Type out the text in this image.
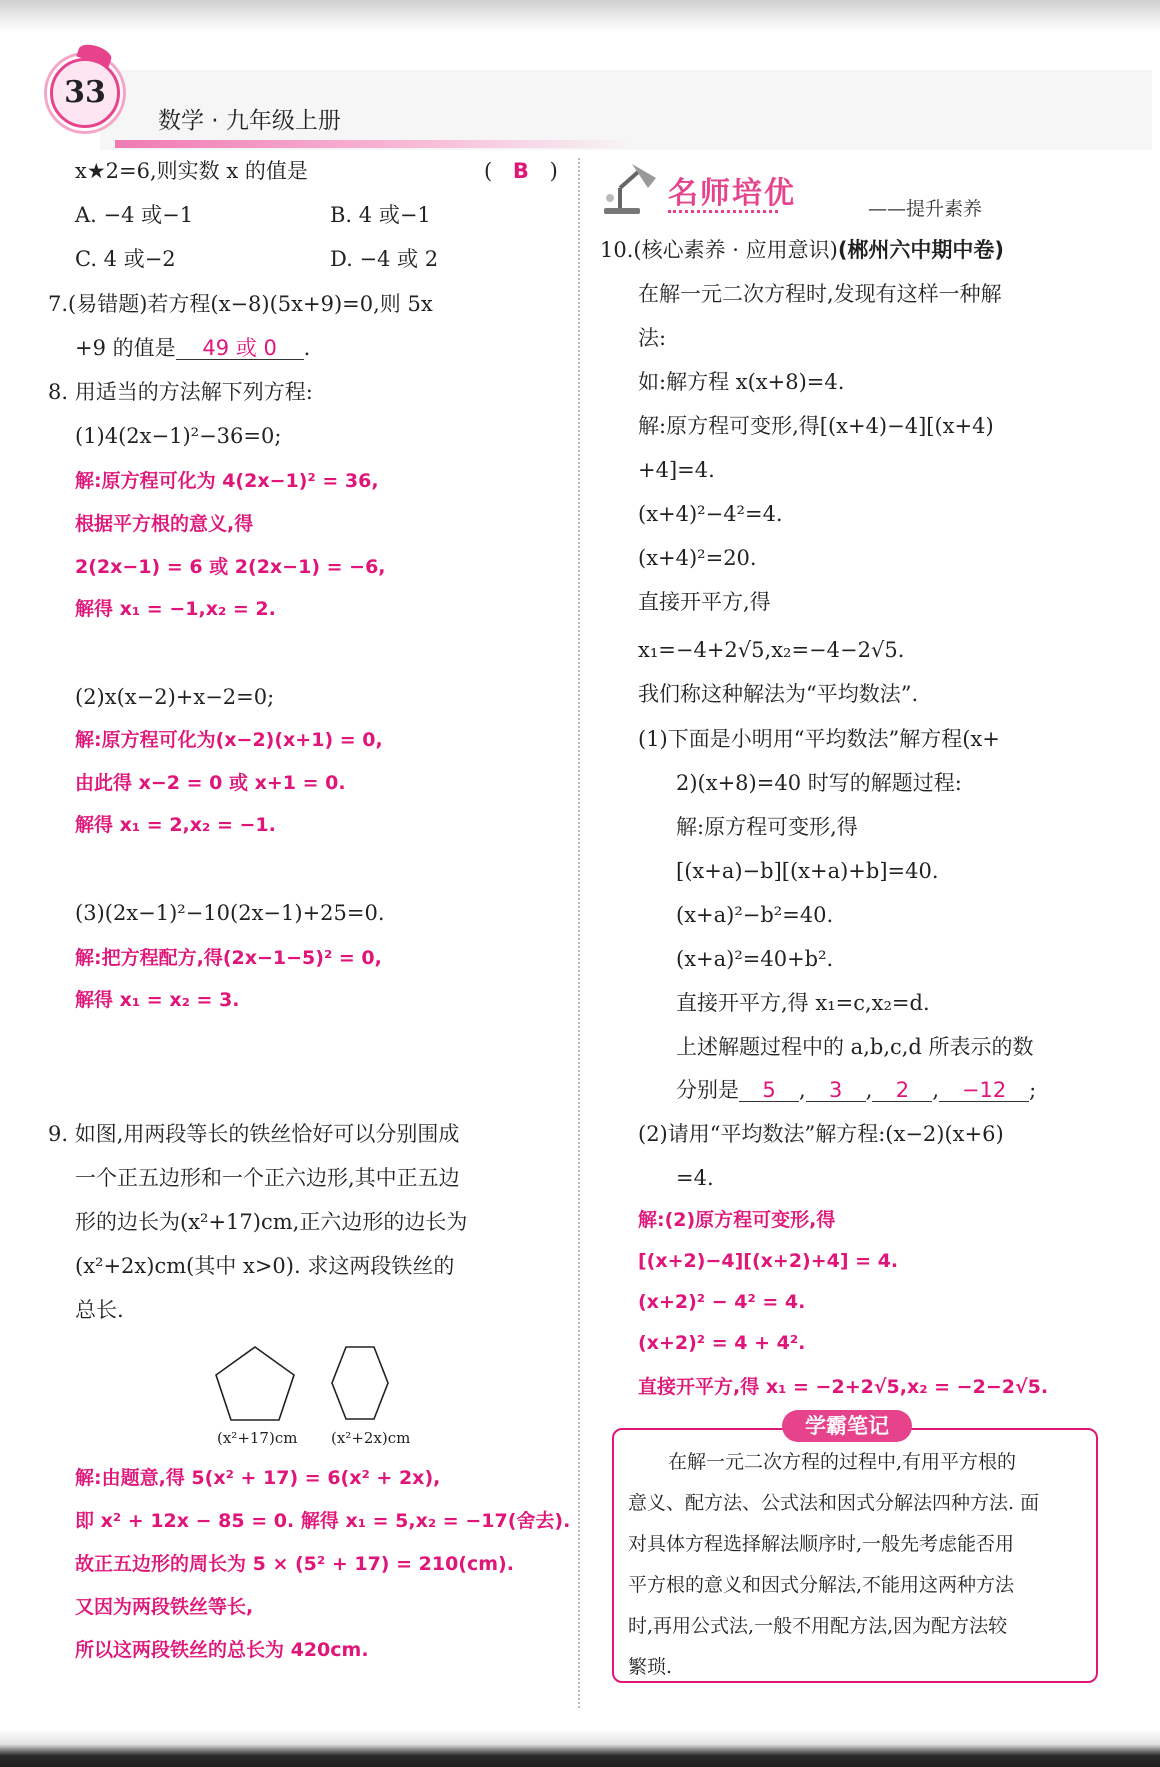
33
数学 · 九年级上册
x★2=6,则实数 x 的值是	( B )
A. −4 或−1	B. 4 或−1
C. 4 或−2	D. −4 或 2
7.(易错题)若方程(x−8)(5x+9)=0,则 5x
+9 的值是 49 或 0 .
8. 用适当的方法解下列方程:
(1)4(2x−1)²−36=0;
解:原方程可化为 4(2x−1)² = 36,
根据平方根的意义,得
2(2x−1) = 6 或 2(2x−1) = −6,
解得 x₁ = −1,x₂ = 2.
(2)x(x−2)+x−2=0;
解:原方程可化为(x−2)(x+1) = 0,
由此得 x−2 = 0 或 x+1 = 0.
解得 x₁ = 2,x₂ = −1.
(3)(2x−1)²−10(2x−1)+25=0.
解:把方程配方,得(2x−1−5)² = 0,
解得 x₁ = x₂ = 3.
9. 如图,用两段等长的铁丝恰好可以分别围成
一个正五边形和一个正六边形,其中正五边
形的边长为(x²+17)cm,正六边形的边长为
(x²+2x)cm(其中 x>0). 求这两段铁丝的
总长.
(x²+17)cm (x²+2x)cm
解:由题意,得 5(x² + 17) = 6(x² + 2x),
即 x² + 12x − 85 = 0. 解得 x₁ = 5,x₂ = −17(舍去).
故正五边形的周长为 5 × (5² + 17) = 210(cm).
又因为两段铁丝等长,
所以这两段铁丝的总长为 420cm.
名师培优	——提升素养
10.(核心素养 · 应用意识)(郴州六中期中卷)
在解一元二次方程时,发现有这样一种解
法:
如:解方程 x(x+8)=4.
解:原方程可变形,得[(x+4)−4][(x+4)
+4]=4.
(x+4)²−4²=4.
(x+4)²=20.
直接开平方,得
x₁=−4+2√5,x₂=−4−2√5.
我们称这种解法为“平均数法”.
(1)下面是小明用“平均数法”解方程(x+
2)(x+8)=40 时写的解题过程:
解:原方程可变形,得
[(x+a)−b][(x+a)+b]=40.
(x+a)²−b²=40.
(x+a)²=40+b².
直接开平方,得 x₁=c,x₂=d.
上述解题过程中的 a,b,c,d 所表示的数
分别是 5 , 3 , 2 , −12 ;
(2)请用“平均数法”解方程:(x−2)(x+6)
=4.
解:(2)原方程可变形,得
[(x+2)−4][(x+2)+4] = 4.
(x+2)² − 4² = 4.
(x+2)² = 4 + 4².
直接开平方,得 x₁ = −2+2√5,x₂ = −2−2√5.
学霸笔记
在解一元二次方程的过程中,有用平方根的
意义、配方法、公式法和因式分解法四种方法. 面
对具体方程选择解法顺序时,一般先考虑能否用
平方根的意义和因式分解法,不能用这两种方法
时,再用公式法,一般不用配方法,因为配方法较
繁琐.
